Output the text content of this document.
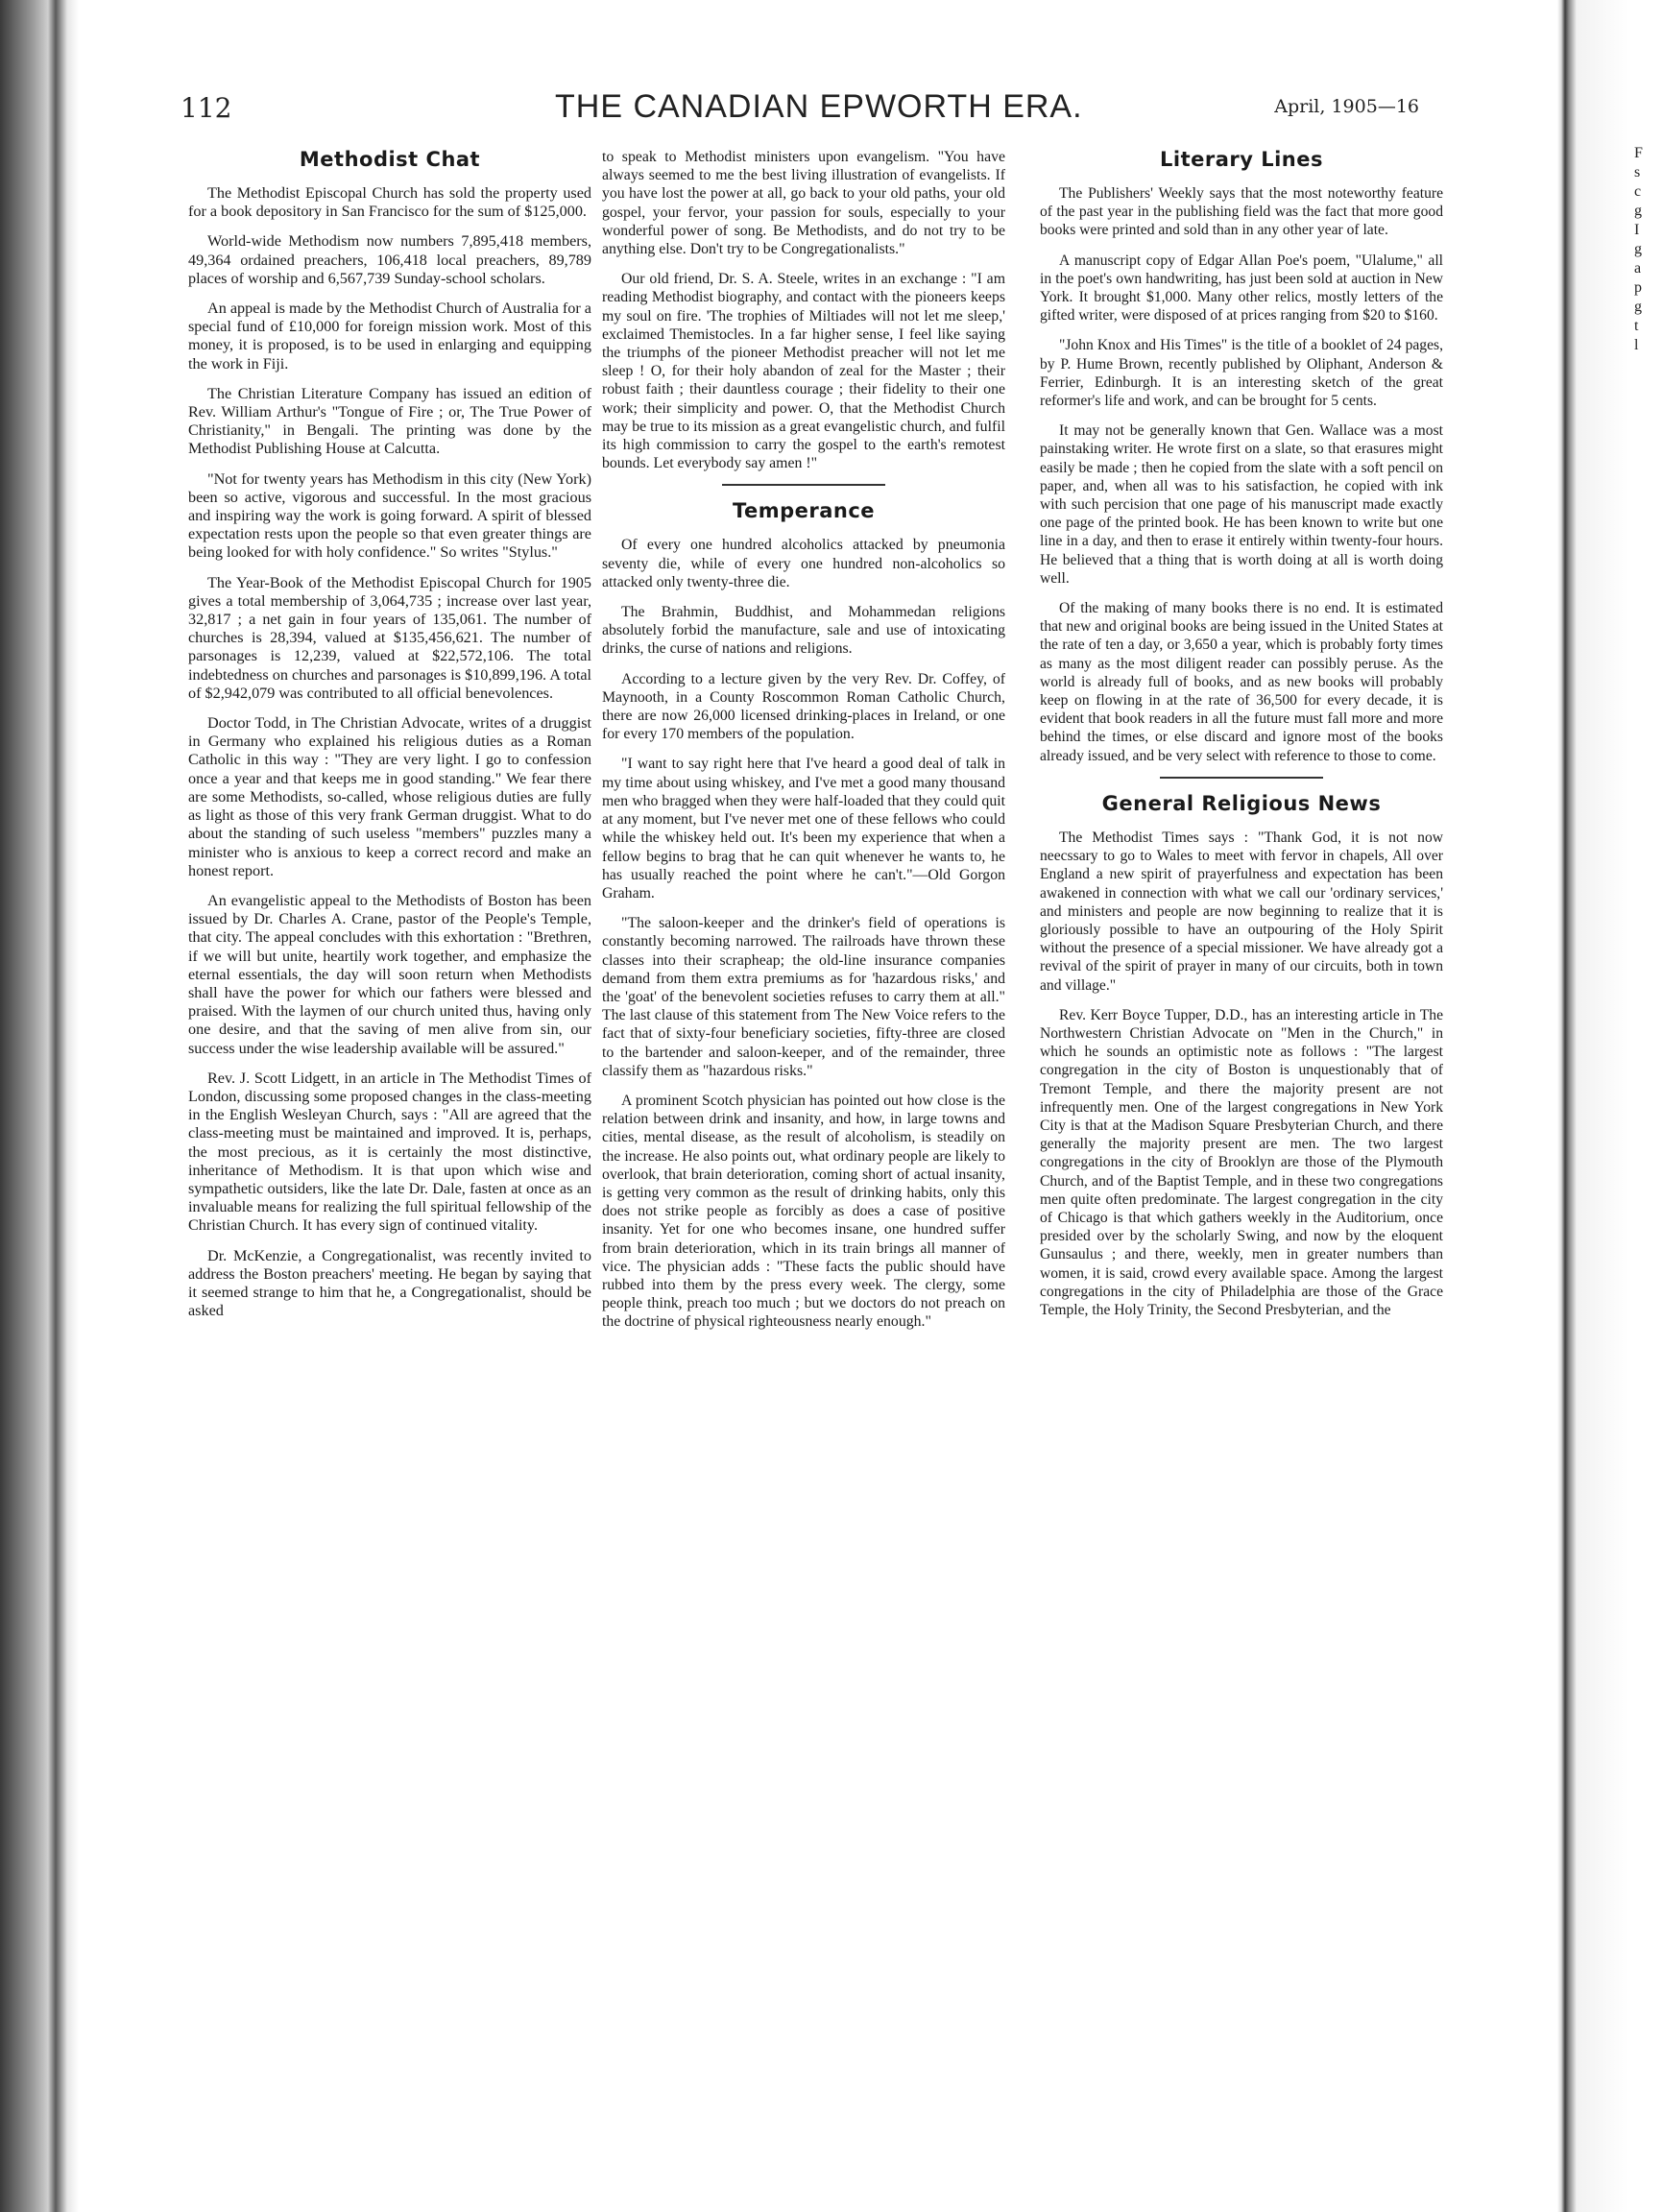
112	THE CANADIAN EPWORTH ERA.	April, 1905—16
Methodist Chat

The Methodist Episcopal Church has sold the property used for a book depository in San Francisco for the sum of $125,000.

World-wide Methodism now numbers 7,895,418 members, 49,364 ordained preachers, 106,418 local preachers, 89,789 places of worship and 6,567,739 Sunday-school scholars.

An appeal is made by the Methodist Church of Australia for a special fund of £10,000 for foreign mission work. Most of this money, it is proposed, is to be used in enlarging and equipping the work in Fiji.

The Christian Literature Company has issued an edition of Rev. William Arthur's "Tongue of Fire ; or, The True Power of Christianity," in Bengali. The printing was done by the Methodist Publishing House at Calcutta.

"Not for twenty years has Methodism in this city (New York) been so active, vigorous and successful. In the most gracious and inspiring way the work is going forward. A spirit of blessed expectation rests upon the people so that even greater things are being looked for with holy confidence." So writes "Stylus."

The Year-Book of the Methodist Episcopal Church for 1905 gives a total membership of 3,064,735 ; increase over last year, 32,817 ; a net gain in four years of 135,061. The number of churches is 28,394, valued at $135,456,621. The number of parsonages is 12,239, valued at $22,572,106. The total indebtedness on churches and parsonages is $10,899,196. A total of $2,942,079 was contributed to all official benevolences.

Doctor Todd, in The Christian Advocate, writes of a druggist in Germany who explained his religious duties as a Roman Catholic in this way : "They are very light. I go to confession once a year and that keeps me in good standing." We fear there are some Methodists, so-called, whose religious duties are fully as light as those of this very frank German druggist. What to do about the standing of such useless "members" puzzles many a minister who is anxious to keep a correct record and make an honest report.

An evangelistic appeal to the Methodists of Boston has been issued by Dr. Charles A. Crane, pastor of the People's Temple, that city. The appeal concludes with this exhortation : "Brethren, if we will but unite, heartily work together, and emphasize the eternal essentials, the day will soon return when Methodists shall have the power for which our fathers were blessed and praised. With the laymen of our church united thus, having only one desire, and that the saving of men alive from sin, our success under the wise leadership available will be assured."

Rev. J. Scott Lidgett, in an article in The Methodist Times of London, discussing some proposed changes in the class-meeting in the English Wesleyan Church, says : "All are agreed that the class-meeting must be maintained and improved. It is, perhaps, the most precious, as it is certainly the most distinctive, inheritance of Methodism. It is that upon which wise and sympathetic outsiders, like the late Dr. Dale, fasten at once as an invaluable means for realizing the full spiritual fellowship of the Christian Church. It has every sign of continued vitality.

Dr. McKenzie, a Congregationalist, was recently invited to address the Boston preachers' meeting. He began by saying that it seemed strange to him that he, a Congregationalist, should be asked

to speak to Methodist ministers upon evangelism. "You have always seemed to me the best living illustration of evangelists. If you have lost the power at all, go back to your old paths, your old gospel, your fervor, your passion for souls, especially to your wonderful power of song. Be Methodists, and do not try to be anything else. Don't try to be Congregationalists."

Our old friend, Dr. S. A. Steele, writes in an exchange : "I am reading Methodist biography, and contact with the pioneers keeps my soul on fire. 'The trophies of Miltiades will not let me sleep,' exclaimed Themistocles. In a far higher sense, I feel like saying the triumphs of the pioneer Methodist preacher will not let me sleep ! O, for their holy abandon of zeal for the Master ; their robust faith ; their dauntless courage ; their fidelity to their one work; their simplicity and power. O, that the Methodist Church may be true to its mission as a great evangelistic church, and fulfil its high commission to carry the gospel to the earth's remotest bounds. Let everybody say amen !"

Temperance

Of every one hundred alcoholics attacked by pneumonia seventy die, while of every one hundred non-alcoholics so attacked only twenty-three die.

The Brahmin, Buddhist, and Mohammedan religions absolutely forbid the manufacture, sale and use of intoxicating drinks, the curse of nations and religions.

According to a lecture given by the very Rev. Dr. Coffey, of Maynooth, in a County Roscommon Roman Catholic Church, there are now 26,000 licensed drinking-places in Ireland, or one for every 170 members of the population.

"I want to say right here that I've heard a good deal of talk in my time about using whiskey, and I've met a good many thousand men who bragged when they were half-loaded that they could quit at any moment, but I've never met one of these fellows who could while the whiskey held out. It's been my experience that when a fellow begins to brag that he can quit whenever he wants to, he has usually reached the point where he can't."—Old Gorgon Graham.

"The saloon-keeper and the drinker's field of operations is constantly becoming narrowed. The railroads have thrown these classes into their scrapheap; the old-line insurance companies demand from them extra premiums as for 'hazardous risks,' and the 'goat' of the benevolent societies refuses to carry them at all." The last clause of this statement from The New Voice refers to the fact that of sixty-four beneficiary societies, fifty-three are closed to the bartender and saloon-keeper, and of the remainder, three classify them as "hazardous risks."

A prominent Scotch physician has pointed out how close is the relation between drink and insanity, and how, in large towns and cities, mental disease, as the result of alcoholism, is steadily on the increase. He also points out, what ordinary people are likely to overlook, that brain deterioration, coming short of actual insanity, is getting very common as the result of drinking habits, only this does not strike people as forcibly as does a case of positive insanity. Yet for one who becomes insane, one hundred suffer from brain deterioration, which in its train brings all manner of vice. The physician adds : "These facts the public should have rubbed into them by the press every week. The clergy, some people think, preach too much ; but we doctors do not preach on the doctrine of physical righteousness nearly enough."

Literary Lines

The Publishers' Weekly says that the most noteworthy feature of the past year in the publishing field was the fact that more good books were printed and sold than in any other year of late.

A manuscript copy of Edgar Allan Poe's poem, "Ulalume," all in the poet's own handwriting, has just been sold at auction in New York. It brought $1,000. Many other relics, mostly letters of the gifted writer, were disposed of at prices ranging from $20 to $160.

"John Knox and His Times" is the title of a booklet of 24 pages, by P. Hume Brown, recently published by Oliphant, Anderson & Ferrier, Edinburgh. It is an interesting sketch of the great reformer's life and work, and can be brought for 5 cents.

It may not be generally known that Gen. Wallace was a most painstaking writer. He wrote first on a slate, so that erasures might easily be made ; then he copied from the slate with a soft pencil on paper, and, when all was to his satisfaction, he copied with ink with such percision that one page of his manuscript made exactly one page of the printed book. He has been known to write but one line in a day, and then to erase it entirely within twenty-four hours. He believed that a thing that is worth doing at all is worth doing well.

Of the making of many books there is no end. It is estimated that new and original books are being issued in the United States at the rate of ten a day, or 3,650 a year, which is probably forty times as many as the most diligent reader can possibly peruse. As the world is already full of books, and as new books will probably keep on flowing in at the rate of 36,500 for every decade, it is evident that book readers in all the future must fall more and more behind the times, or else discard and ignore most of the books already issued, and be very select with reference to those to come.

General Religious News

The Methodist Times says : "Thank God, it is not now neecssary to go to Wales to meet with fervor in chapels, All over England a new spirit of prayerfulness and expectation has been awakened in connection with what we call our 'ordinary services,' and ministers and people are now beginning to realize that it is gloriously possible to have an outpouring of the Holy Spirit without the presence of a special missioner. We have already got a revival of the spirit of prayer in many of our circuits, both in town and village."

Rev. Kerr Boyce Tupper, D.D., has an interesting article in The Northwestern Christian Advocate on "Men in the Church," in which he sounds an optimistic note as follows : "The largest congregation in the city of Boston is unquestionably that of Tremont Temple, and there the majority present are not infrequently men. One of the largest congregations in New York City is that at the Madison Square Presbyterian Church, and there generally the majority present are men. The two largest congregations in the city of Brooklyn are those of the Plymouth Church, and of the Baptist Temple, and in these two congregations men quite often predominate. The largest congregation in the city of Chicago is that which gathers weekly in the Auditorium, once presided over by the scholarly Swing, and now by the eloquent Gunsaulus ; and there, weekly, men in greater numbers than women, it is said, crowd every available space. Among the largest congregations in the city of Philadelphia are those of the Grace Temple, the Holy Trinity, the Second Presbyterian, and the

F
s
c
g
I
g
a
p
g
t
l
